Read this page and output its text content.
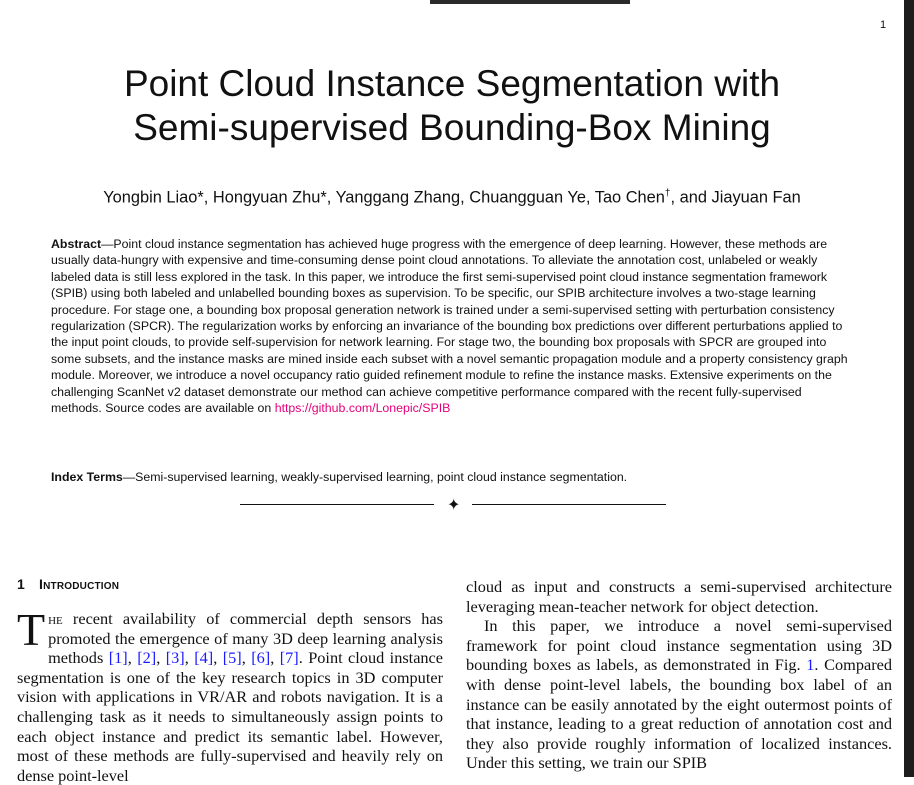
1
Point Cloud Instance Segmentation with
Semi-supervised Bounding-Box Mining
Yongbin Liao*, Hongyuan Zhu*, Yanggang Zhang, Chuangguan Ye, Tao Chen†, and Jiayuan Fan

Abstract—Point cloud instance segmentation has achieved huge progress with the emergence of deep learning. However, these methods are usually data-hungry with expensive and time-consuming dense point cloud annotations. To alleviate the annotation cost, unlabeled or weakly labeled data is still less explored in the task. In this paper, we introduce the first semi-supervised point cloud instance segmentation framework (SPIB) using both labeled and unlabelled bounding boxes as supervision. To be specific, our SPIB architecture involves a two-stage learning procedure. For stage one, a bounding box proposal generation network is trained under a semi-supervised setting with perturbation consistency regularization (SPCR). The regularization works by enforcing an invariance of the bounding box predictions over different perturbations applied to the input point clouds, to provide self-supervision for network learning. For stage two, the bounding box proposals with SPCR are grouped into some subsets, and the instance masks are mined inside each subset with a novel semantic propagation module and a property consistency graph module. Moreover, we introduce a novel occupancy ratio guided refinement module to refine the instance masks. Extensive experiments on the challenging ScanNet v2 dataset demonstrate our method can achieve competitive performance compared with the recent fully-supervised methods. Source codes are available on https://github.com/Lonepic/SPIB

Index Terms—Semi-supervised learning, weakly-supervised learning, point cloud instance segmentation.

✦
1 Introduction

The recent availability of commercial depth sensors has promoted the emergence of many 3D deep learning analysis methods [1], [2], [3], [4], [5], [6], [7]. Point cloud instance segmentation is one of the key research topics in 3D computer vision with applications in VR/AR and robots navigation. It is a challenging task as it needs to simultaneously assign points to each object instance and predict its semantic label. However, most of these methods are fully-supervised and heavily rely on dense point-level

cloud as input and constructs a semi-supervised architecture leveraging mean-teacher network for object detection.

In this paper, we introduce a novel semi-supervised framework for point cloud instance segmentation using 3D bounding boxes as labels, as demonstrated in Fig. 1. Compared with dense point-level labels, the bounding box label of an instance can be easily annotated by the eight outermost points of that instance, leading to a great reduction of annotation cost and they also provide roughly information of localized instances. Under this setting, we train our SPIB
